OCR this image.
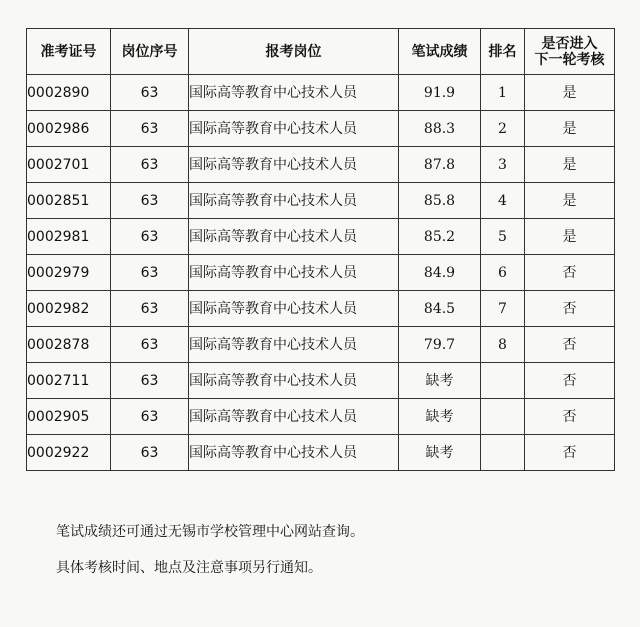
准考证号	岗位序号	报考岗位	笔试成绩	排名	是否进入
下一轮考核
0002890	63	国际高等教育中心技术人员	91.9	1	是
0002986	63	国际高等教育中心技术人员	88.3	2	是
0002701	63	国际高等教育中心技术人员	87.8	3	是
0002851	63	国际高等教育中心技术人员	85.8	4	是
0002981	63	国际高等教育中心技术人员	85.2	5	是
0002979	63	国际高等教育中心技术人员	84.9	6	否
0002982	63	国际高等教育中心技术人员	84.5	7	否
0002878	63	国际高等教育中心技术人员	79.7	8	否
0002711	63	国际高等教育中心技术人员	缺考		否
0002905	63	国际高等教育中心技术人员	缺考		否
0002922	63	国际高等教育中心技术人员	缺考		否

笔试成绩还可通过无锡市学校管理中心网站查询。

具体考核时间、地点及注意事项另行通知。
